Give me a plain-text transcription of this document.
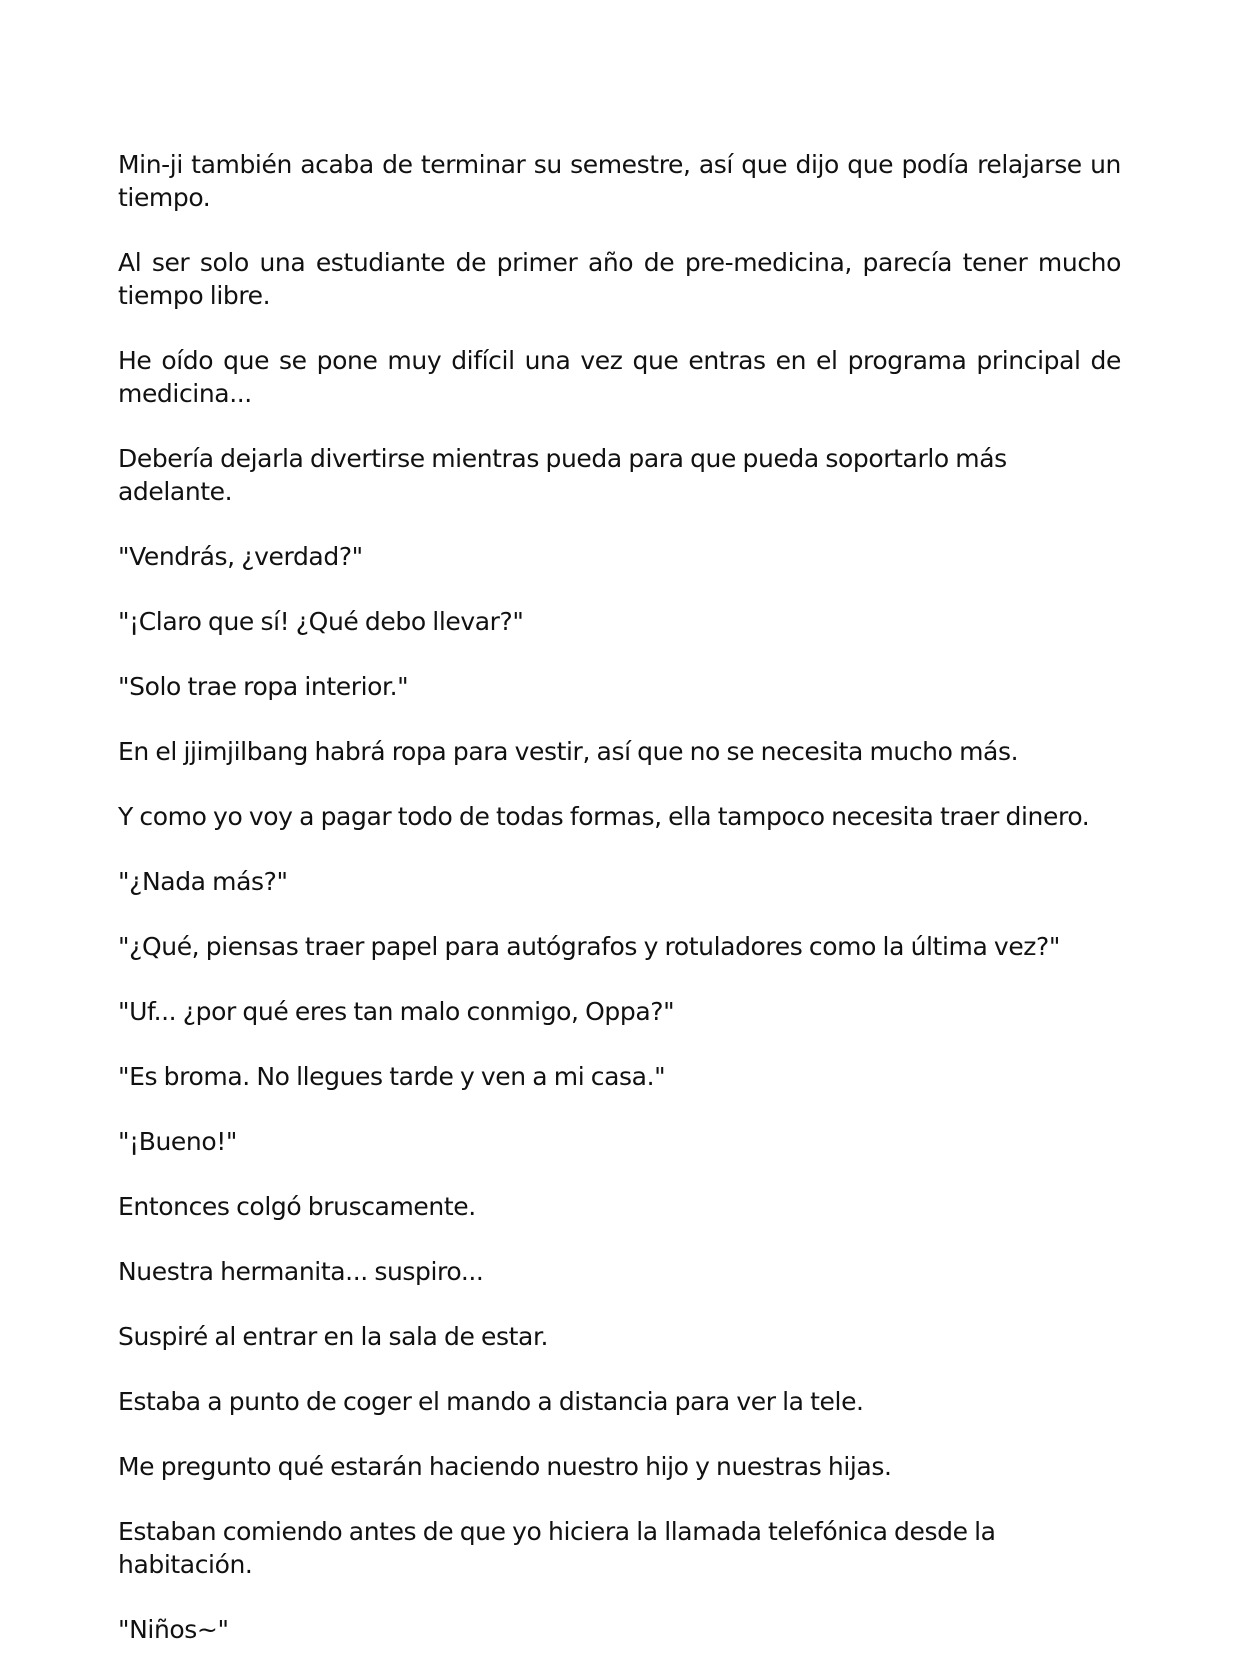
Min-ji también acaba de terminar su semestre, así que dijo que podía relajarse un tiempo.

Al ser solo una estudiante de primer año de pre-medicina, parecía tener mucho tiempo libre.

He oído que se pone muy difícil una vez que entras en el programa principal de medicina...

Debería dejarla divertirse mientras pueda para que pueda soportarlo más adelante.

"Vendrás, ¿verdad?"

"¡Claro que sí! ¿Qué debo llevar?"

"Solo trae ropa interior."

En el jjimjilbang habrá ropa para vestir, así que no se necesita mucho más.

Y como yo voy a pagar todo de todas formas, ella tampoco necesita traer dinero.

"¿Nada más?"

"¿Qué, piensas traer papel para autógrafos y rotuladores como la última vez?"

"Uf... ¿por qué eres tan malo conmigo, Oppa?"

"Es broma. No llegues tarde y ven a mi casa."

"¡Bueno!"

Entonces colgó bruscamente.

Nuestra hermanita... suspiro...

Suspiré al entrar en la sala de estar.

Estaba a punto de coger el mando a distancia para ver la tele.

Me pregunto qué estarán haciendo nuestro hijo y nuestras hijas.

Estaban comiendo antes de que yo hiciera la llamada telefónica desde la habitación.

"Niños~"
